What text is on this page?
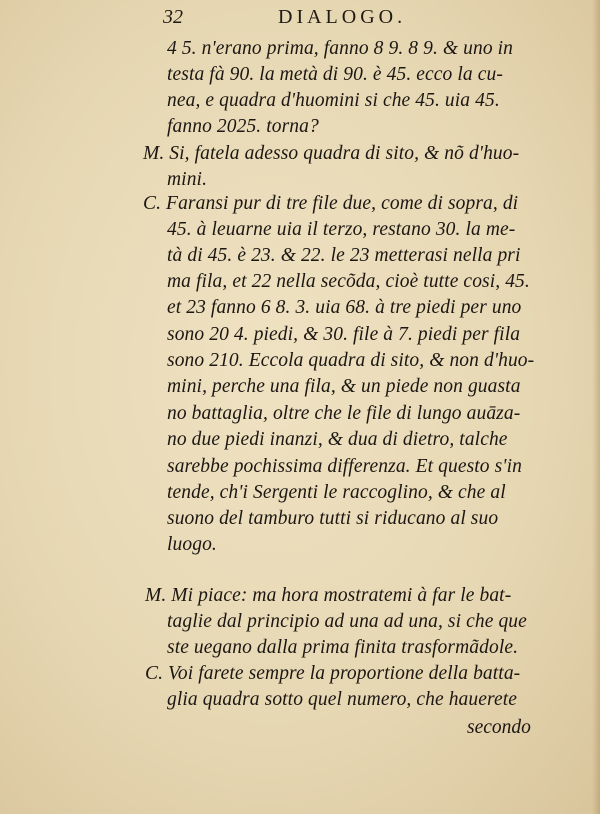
32	DIALOGO.
4 5. n'erano prima, fanno 8 9. 8 9. & uno in
testa fà 90. la metà di 90. è 45. ecco la cu-
nea, e quadra d'huomini si che 45. uia 45.
fanno 2025. torna?
M. Si, fatela adesso quadra di sito, & nõ d'huo-
mini.
C. Faransi pur di tre file due, come di sopra, di
45. à leuarne uia il terzo, restano 30. la me-
tà di 45. è 23. & 22. le 23 metterasi nella pri
ma fila, et 22 nella secõda, cioè tutte cosi, 45.
et 23 fanno 6 8. 3. uia 68. à tre piedi per uno
sono 20 4. piedi, & 30. file à 7. piedi per fila
sono 210. Eccola quadra di sito, & non d'huo-
mini, perche una fila, & un piede non guasta
no battaglia, oltre che le file di lungo auāza-
no due piedi inanzi, & dua di dietro, talche
sarebbe pochissima differenza. Et questo s'in
tende, ch'i Sergenti le raccoglino, & che al
suono del tamburo tutti si riducano al suo
luogo.
M. Mi piace: ma hora mostratemi à far le bat-
taglie dal principio ad una ad una, si che que
ste uegano dalla prima finita trasformãdole.
C. Voi farete sempre la proportione della batta-
glia quadra sotto quel numero, che hauerete
secondo
